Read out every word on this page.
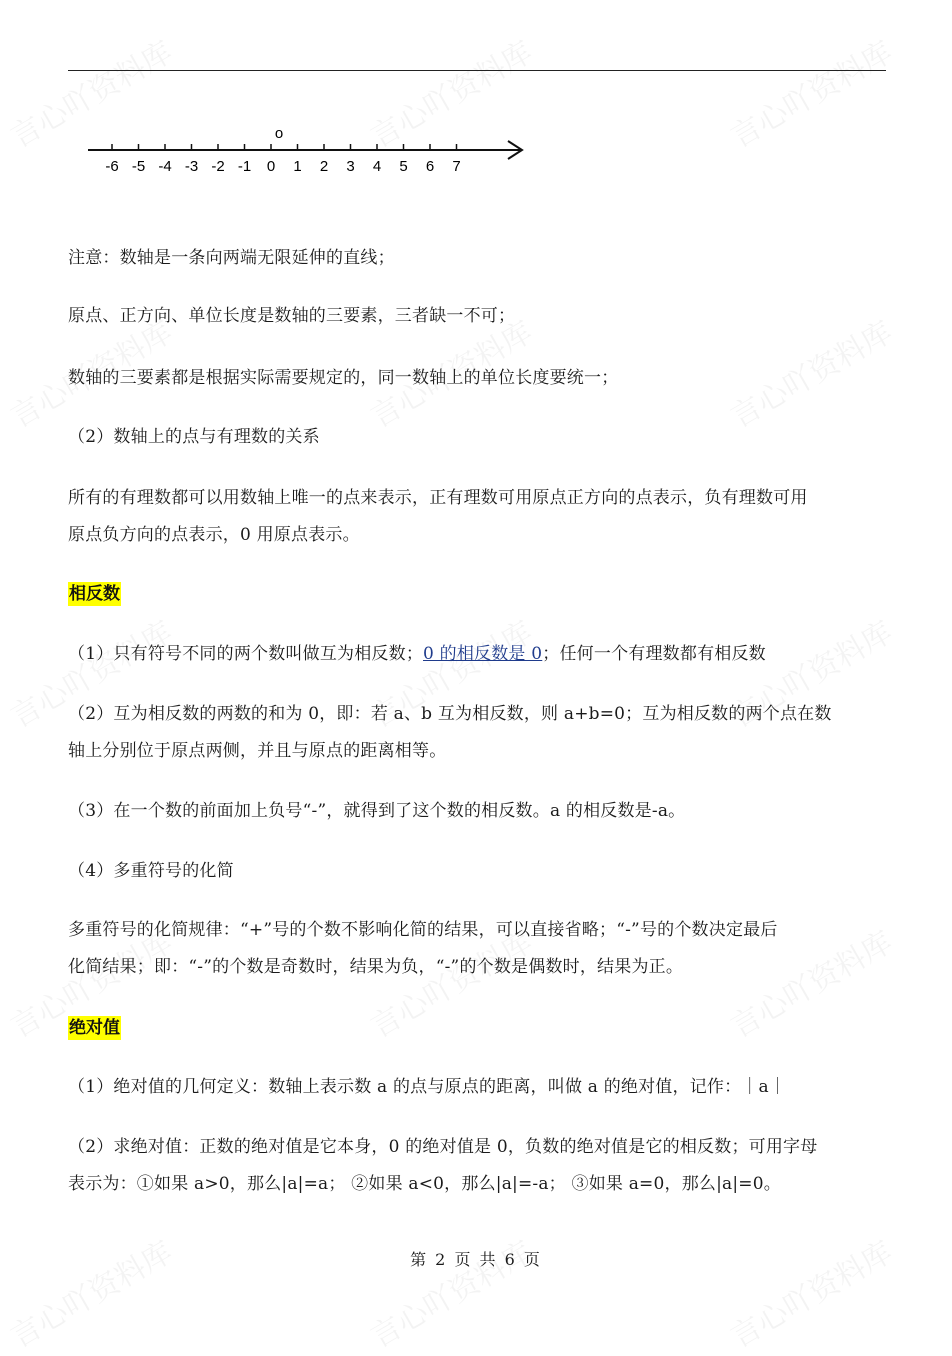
o
-6 -5 -4 -3 -2 -1 0 1 2 3 4 5 6 7
注意：数轴是一条向两端无限延伸的直线；
原点、正方向、单位长度是数轴的三要素，三者缺一不可；
数轴的三要素都是根据实际需要规定的，同一数轴上的单位长度要统一；
（2）数轴上的点与有理数的关系
所有的有理数都可以用数轴上唯一的点来表示，正有理数可用原点正方向的点表示，负有理数可用
原点负方向的点表示，0 用原点表示。
相反数
（1）只有符号不同的两个数叫做互为相反数；0 的相反数是 0；任何一个有理数都有相反数
（2）互为相反数的两数的和为 0，即：若 a、b 互为相反数，则 a+b=0；互为相反数的两个点在数
轴上分别位于原点两侧，并且与原点的距离相等。
（3）在一个数的前面加上负号“-”，就得到了这个数的相反数。a 的相反数是-a。
（4）多重符号的化简
多重符号的化简规律：“+”号的个数不影响化简的结果，可以直接省略；“-”号的个数决定最后
化简结果；即：“-”的个数是奇数时，结果为负，“-”的个数是偶数时，结果为正。
绝对值
（1）绝对值的几何定义：数轴上表示数 a 的点与原点的距离，叫做 a 的绝对值，记作：｜a｜
（2）求绝对值：正数的绝对值是它本身，0 的绝对值是 0，负数的绝对值是它的相反数；可用字母
表示为：①如果 a>0，那么|a|=a； ②如果 a<0，那么|a|=-a； ③如果 a=0，那么|a|=0。
第 2 页 共 6 页
